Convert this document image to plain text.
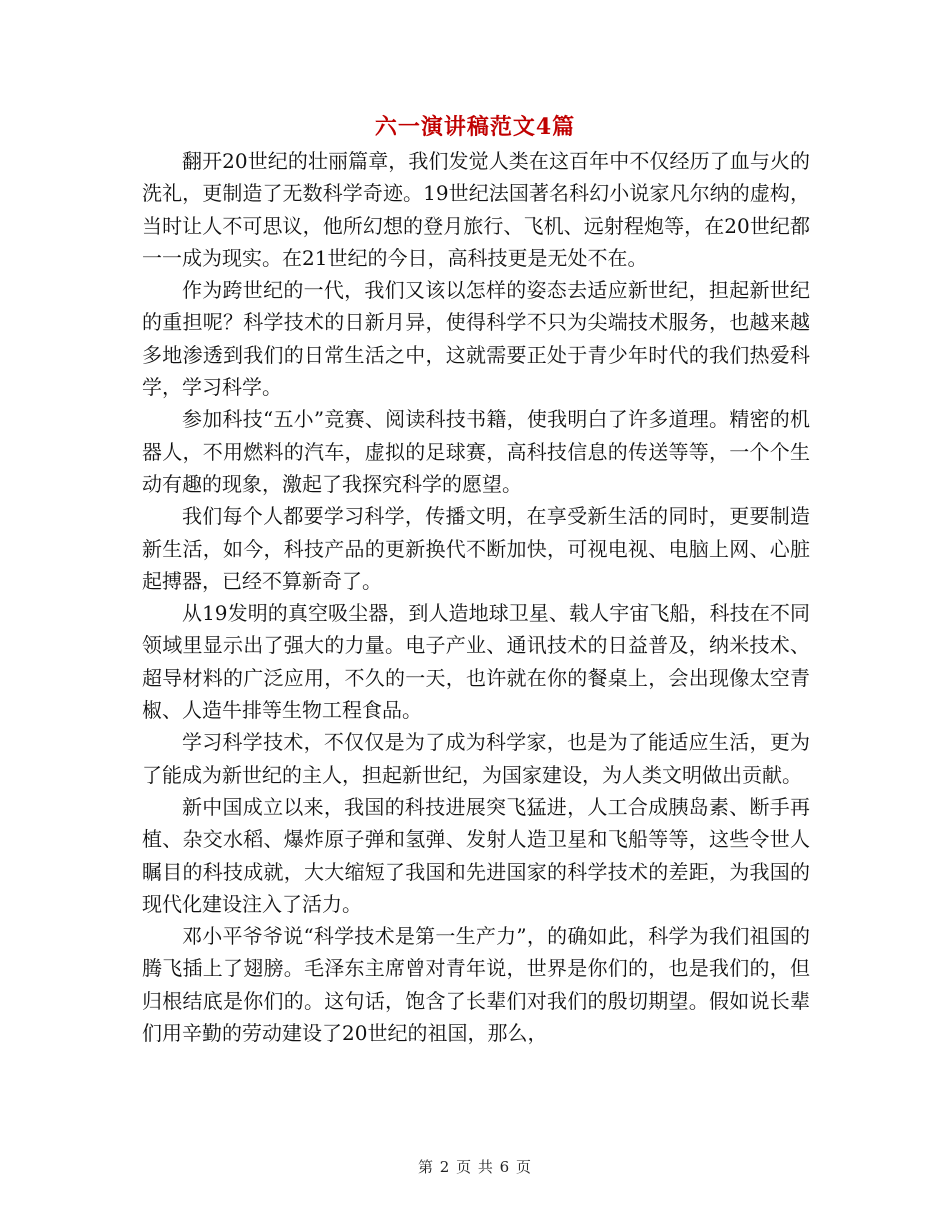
六一演讲稿范文4篇

翻开20世纪的壮丽篇章，我们发觉人类在这百年中不仅经历了血与火的洗礼，更制造了无数科学奇迹。19世纪法国著名科幻小说家凡尔纳的虚构，当时让人不可思议，他所幻想的登月旅行、飞机、远射程炮等，在20世纪都一一成为现实。在21世纪的今日，高科技更是无处不在。

作为跨世纪的一代，我们又该以怎样的姿态去适应新世纪，担起新世纪的重担呢？科学技术的日新月异，使得科学不只为尖端技术服务，也越来越多地渗透到我们的日常生活之中，这就需要正处于青少年时代的我们热爱科学，学习科学。

参加科技“五小”竞赛、阅读科技书籍，使我明白了许多道理。精密的机器人，不用燃料的汽车，虚拟的足球赛，高科技信息的传送等等，一个个生动有趣的现象，激起了我探究科学的愿望。

我们每个人都要学习科学，传播文明，在享受新生活的同时，更要制造新生活，如今，科技产品的更新换代不断加快，可视电视、电脑上网、心脏起搏器，已经不算新奇了。

从19发明的真空吸尘器，到人造地球卫星、载人宇宙飞船，科技在不同领域里显示出了强大的力量。电子产业、通讯技术的日益普及，纳米技术、超导材料的广泛应用，不久的一天，也许就在你的餐桌上，会出现像太空青椒、人造牛排等生物工程食品。

学习科学技术，不仅仅是为了成为科学家，也是为了能适应生活，更为了能成为新世纪的主人，担起新世纪，为国家建设，为人类文明做出贡献。

新中国成立以来，我国的科技进展突飞猛进，人工合成胰岛素、断手再植、杂交水稻、爆炸原子弹和氢弹、发射人造卫星和飞船等等，这些令世人瞩目的科技成就，大大缩短了我国和先进国家的科学技术的差距，为我国的现代化建设注入了活力。

邓小平爷爷说“科学技术是第一生产力”，的确如此，科学为我们祖国的腾飞插上了翅膀。毛泽东主席曾对青年说，世界是你们的，也是我们的，但归根结底是你们的。这句话，饱含了长辈们对我们的殷切期望。假如说长辈们用辛勤的劳动建设了20世纪的祖国，那么，

第 2 页 共 6 页
